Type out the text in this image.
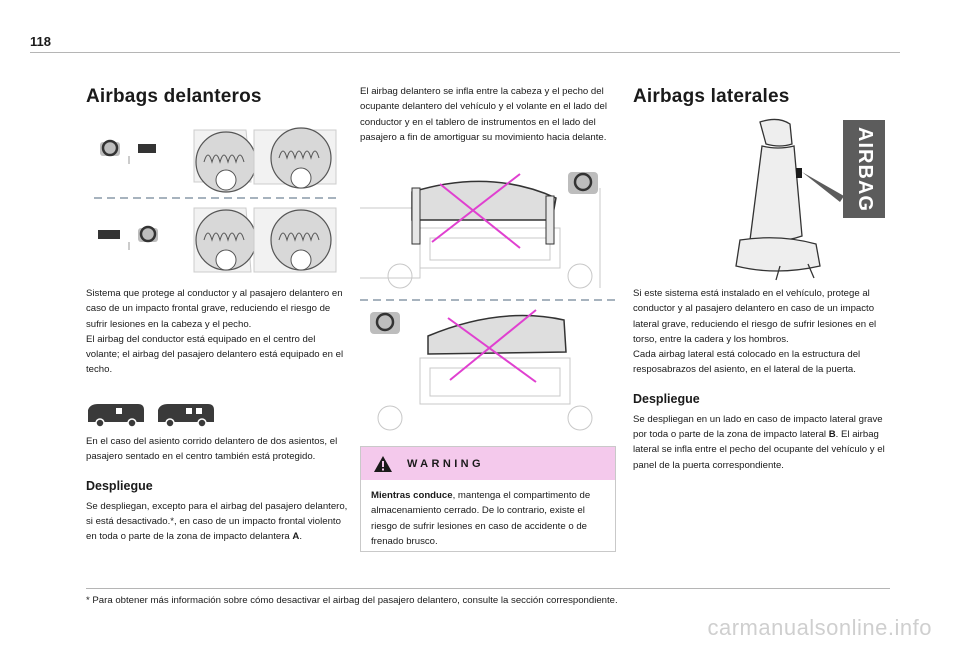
118
Airbags delanteros

Sistema que protege al conductor y al pasajero delantero en caso de un impacto frontal grave, reduciendo el riesgo de sufrir lesiones en la cabeza y el pecho.

El airbag del conductor está equipado en el centro del volante; el airbag del pasajero delantero está equipado en el techo.

En el caso del asiento corrido delantero de dos asientos, el pasajero sentado en el centro también está protegido.

Despliegue

Se despliegan, excepto para el airbag del pasajero delantero, si está desactivado.*, en caso de un impacto frontal violento en toda o parte de la zona de impacto delantera A.

El airbag delantero se infla entre la cabeza y el pecho del ocupante delantero del vehículo y el volante en el lado del conductor y en el tablero de instrumentos en el lado del pasajero a fin de amortiguar su movimiento hacia delante.

WARNING

Mientras conduce, mantenga el compartimento de almacenamiento cerrado. De lo contrario, existe el riesgo de sufrir lesiones en caso de accidente o de frenado brusco.

Airbags laterales
AIRBAG

Si este sistema está instalado en el vehículo, protege al conductor y al pasajero delantero en caso de un impacto lateral grave, reduciendo el riesgo de sufrir lesiones en el torso, entre la cadera y los hombros.

Cada airbag lateral está colocado en la estructura del resposabrazos del asiento, en el lateral de la puerta.

Despliegue

Se despliegan en un lado en caso de impacto lateral grave por toda o parte de la zona de impacto lateral B. El airbag lateral se infla entre el pecho del ocupante del vehículo y el panel de la puerta correspondiente.

* Para obtener más información sobre cómo desactivar el airbag del pasajero delantero, consulte la sección correspondiente.
carmanualsonline.info
